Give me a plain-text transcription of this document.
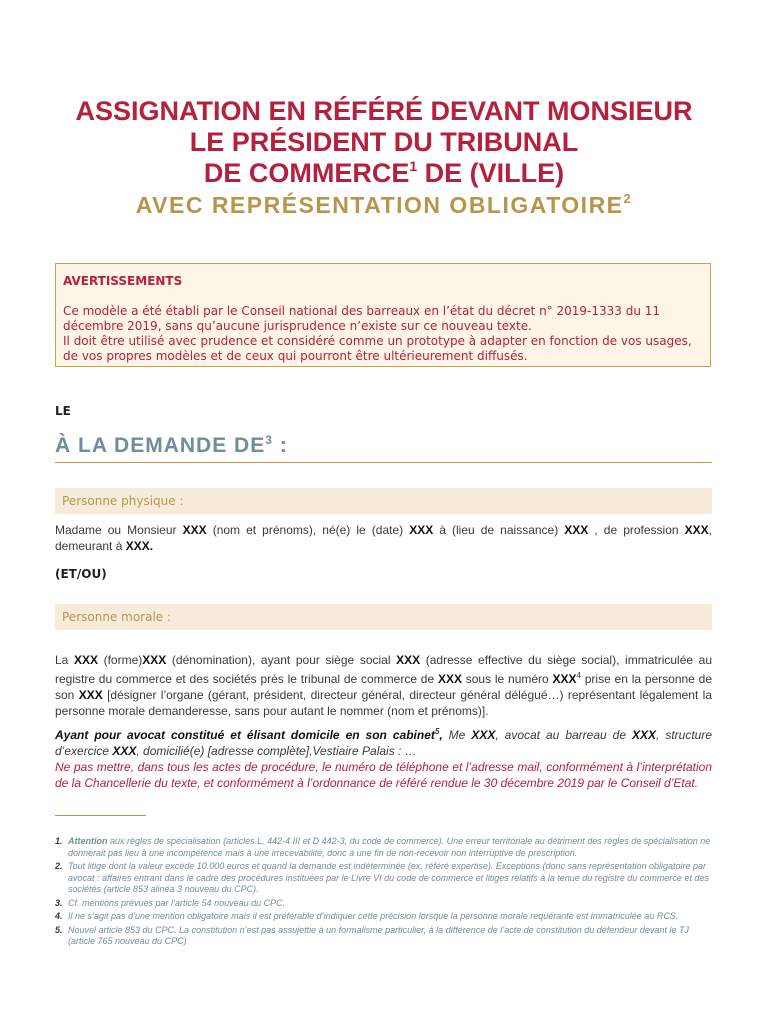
ASSIGNATION EN RÉFÉRÉ DEVANT MONSIEUR
LE PRÉSIDENT DU TRIBUNAL
DE COMMERCE$^1$ DE (VILLE)
AVEC REPRÉSENTATION OBLIGATOIRE$^2$
AVERTISSEMENTS

Ce modèle a été établi par le Conseil national des barreaux en l’état du décret n° 2019-1333 du 11 décembre 2019, sans qu’aucune jurisprudence n’existe sur ce nouveau texte.

Il doit être utilisé avec prudence et considéré comme un prototype à adapter en fonction de vos usages, de vos propres modèles et de ceux qui pourront être ultérieurement diffusés.

LE
À LA DEMANDE $DE^3$ :
Personne physique :
Madame ou Monsieur XXX (nom et prénoms), né(e) le (date) XXX à (lieu de naissance) XXX , de profession XXX, demeurant à XXX.
(ET/OU)
Personne morale :
La XXX (forme)XXX (dénomination), ayant pour siège social XXX (adresse effective du siège social), immatriculée au registre du commerce et des sociétés près le tribunal de commerce de XXX sous le numéro XXX$^4$ prise en la personne de son XXX [désigner l’organe (gérant, président, directeur général, directeur général délégué…) représentant légalement la personne morale demanderesse, sans pour autant le nommer (nom et prénoms)].
Ayant pour avocat constitué et élisant domicile en son cabinet$^5$, Me XXX, avocat au barreau de XXX, structure d’exercice XXX, domicilié(e) [adresse complète],Vestiaire Palais : …
Ne pas mettre, dans tous les actes de procédure, le numéro de téléphone et l’adresse mail, conformément à l’interprétation de la Chancellerie du texte, et conformément à l’ordonnance de référé rendue le 30 décembre 2019 par le Conseil d’Etat.
1. Attention aux règles de spécialisation (articles L. 442-4 III et D 442-3, du code de commerce). Une erreur territoriale au détriment des règles de spécialisation ne donnerait pas lieu à une incompétence mais à une irrecevabilité, donc à une fin de non-recevoir non interruptive de prescription.
2. Tout litige dont la valeur excède 10.000 euros et quand la demande est indéterminée (ex. référé expertise). Exceptions (donc sans représentation obligatoire par avocat : affaires entrant dans le cadre des procédures instituées par le Livre VI du code de commerce et litiges relatifs à la tenue du registre du commerce et des sociétés (article 853 alinéa 3 nouveau du CPC).
3. Cf. mentions prévues par l’article 54 nouveau du CPC.
4. Il ne s’agit pas d’une mention obligatoire mais il est préférable d’indiquer cette précision lorsque la personne morale requérante est immatriculée au RCS.
5. Nouvel article 853 du CPC. La constitution n’est pas assujettie à un formalisme particulier, à la différence de l’acte de constitution du défendeur devant le TJ (article 765 nouveau du CPC)
